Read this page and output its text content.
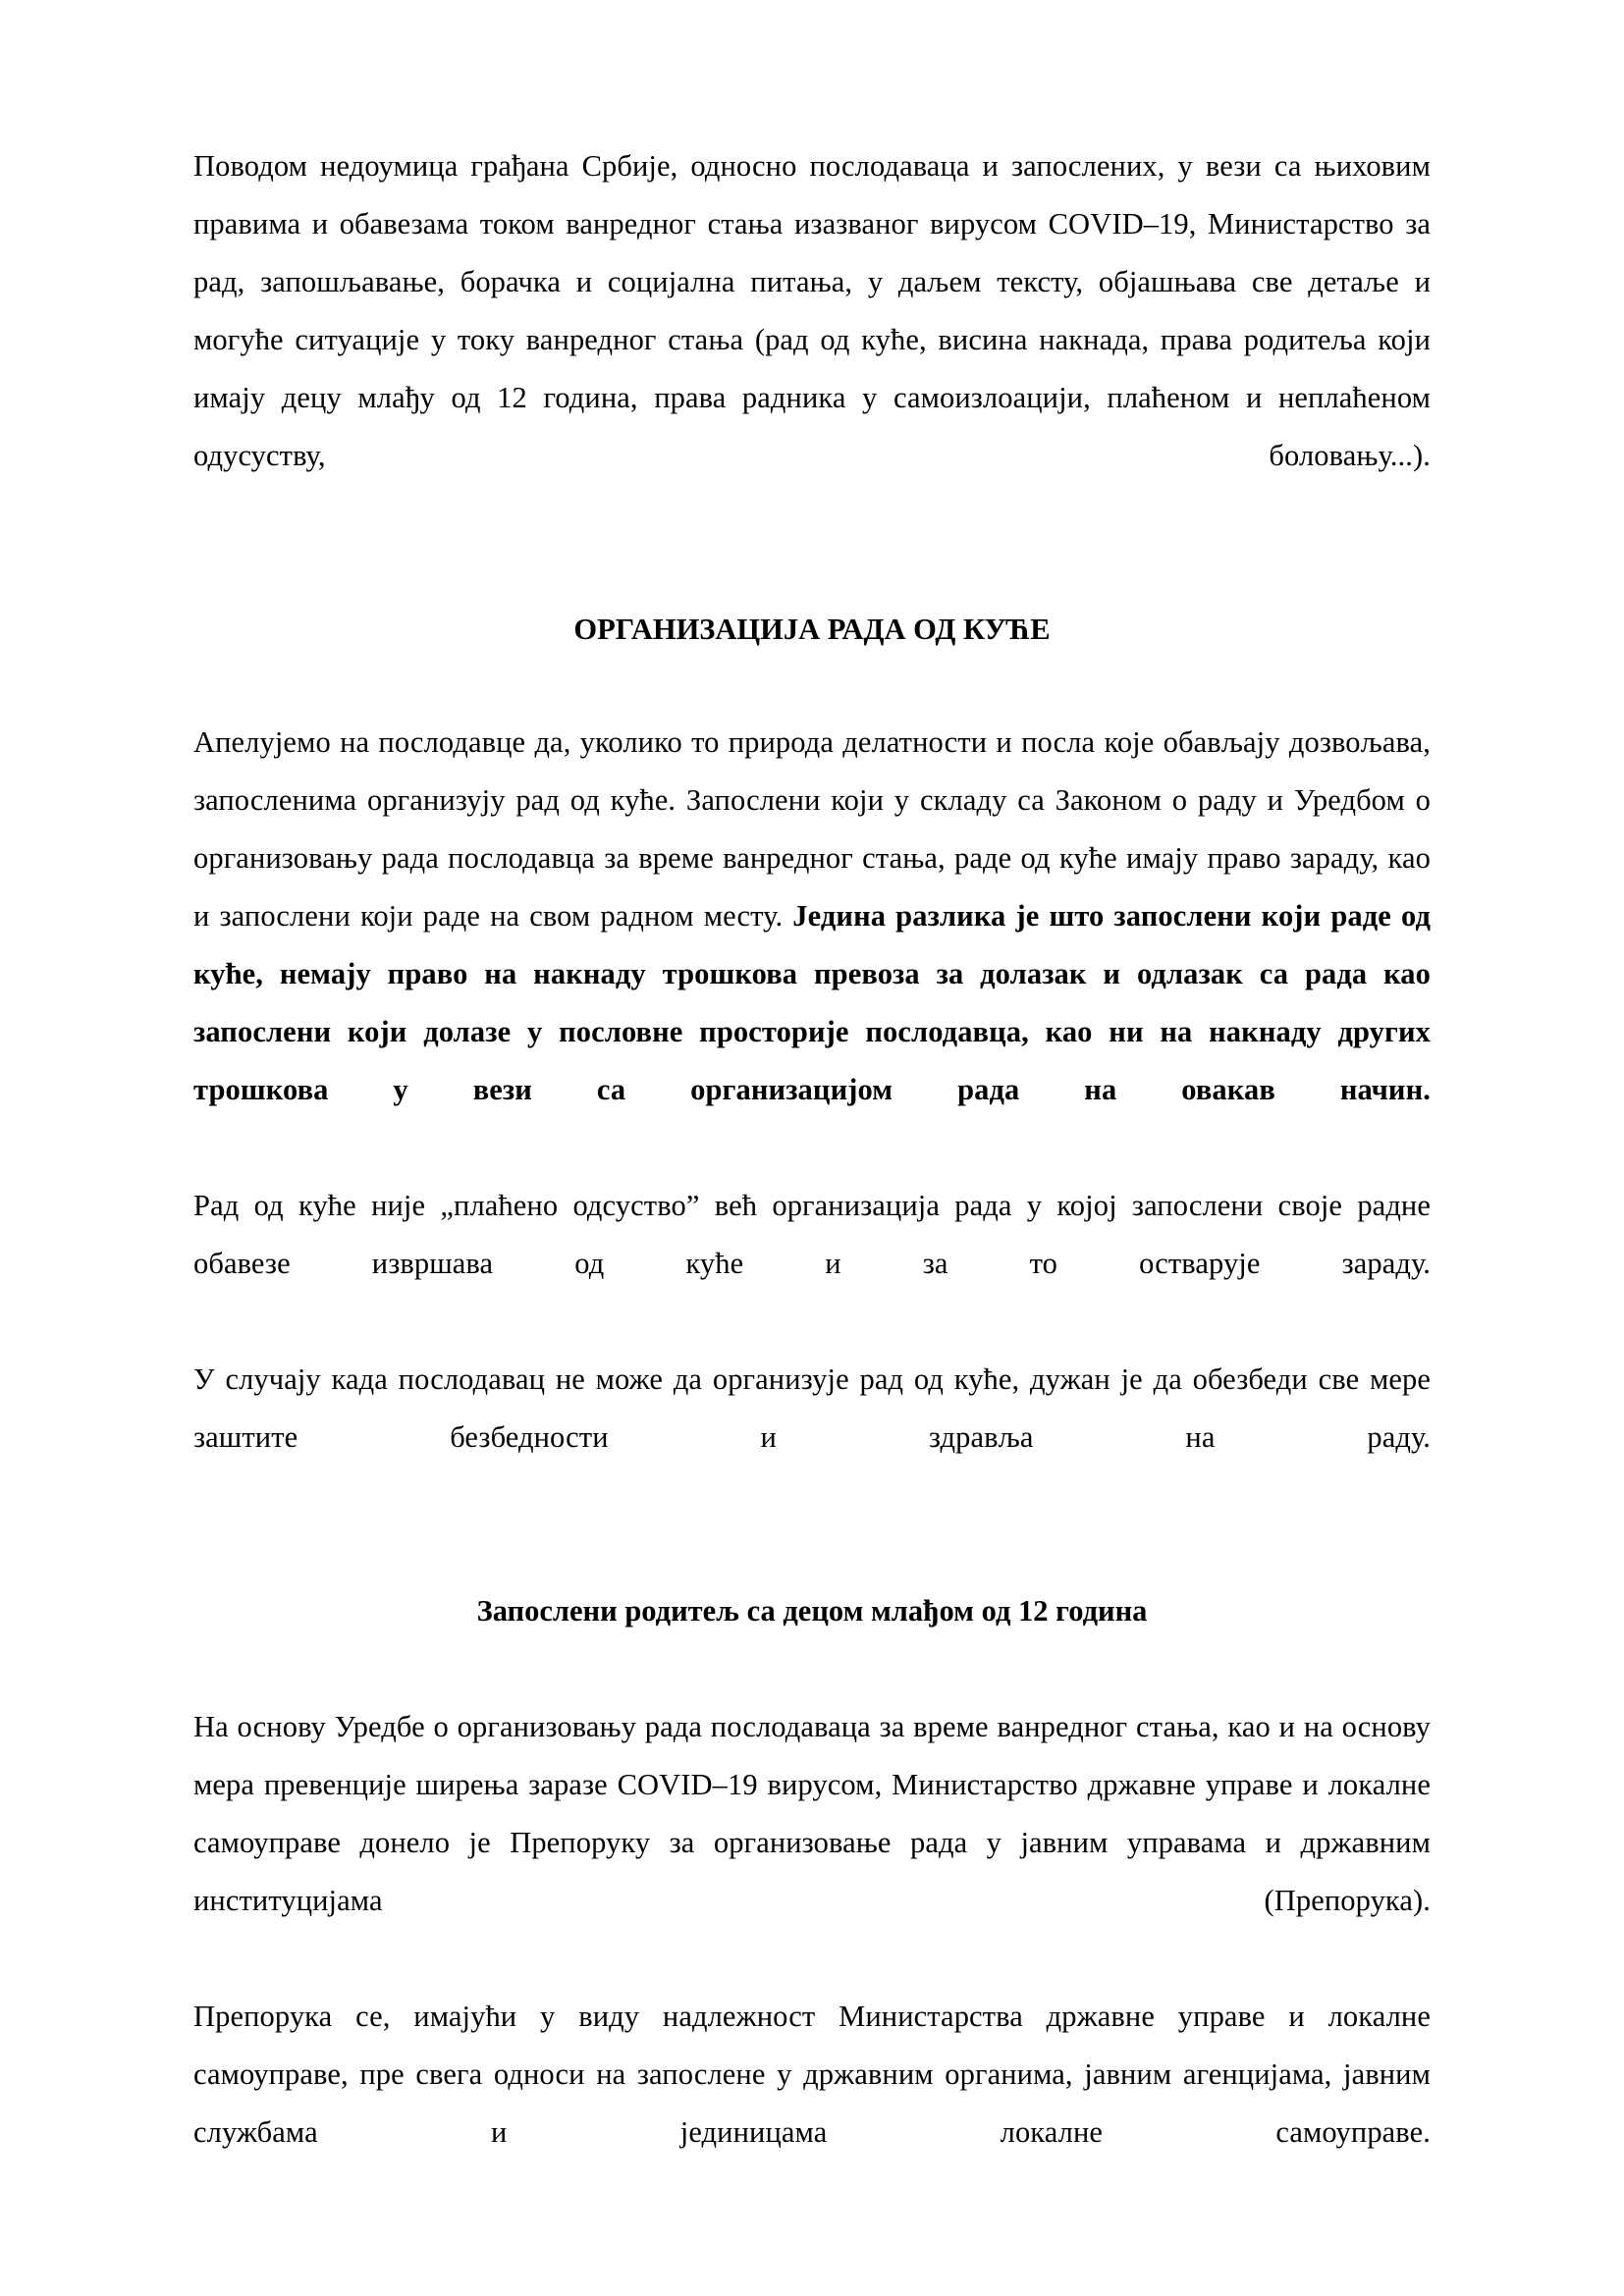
Поводом недоумица грађана Србије, односно послодаваца и запослених, у вези са њиховим правима и обавезама током ванредног стања изазваног вирусом COVID–19, Министарство за рад, запошљавање, борачка и социјална питања, у даљем тексту, објашњава све детаље и могуће ситуације у току ванредног стања (рад од куће, висина накнада, права родитеља који имају децу млађу од 12 година, права радника у самоизлоацији, плаћеном и неплаћеном одусуству, боловању...).

ОРГАНИЗАЦИЈА РАДА ОД КУЋЕ

Апелујемо на послодавце да, уколико то природа делатности и посла које обављају дозвољава, запосленима организују рад од куће. Запослени који у складу са Законом о раду и Уредбом о организовању рада послодавца за време ванредног стања, раде од куће имају право зараду, као и запослени који раде на свом радном месту. Једина разлика је што запослени који раде од куће, немају право на накнаду трошкова превоза за долазак и одлазак са рада као запослени који долазе у пословне просторије послодавца, као ни на накнаду других трошкова у вези са организацијом рада на овакав начин.

Рад од куће није „плаћено одсуство” већ организација рада у којој запослени своје радне обавезе извршава од куће и за то остварује зараду.

У случају када послодавац не може да организује рад од куће, дужан је да обезбеди све мере заштите безбедности и здравља на раду.

Запослени родитељ са децом млађом од 12 година

На основу Уредбе о организовању рада послодаваца за време ванредног стања, као и на основу мера превенције ширења заразе COVID–19 вирусом, Министарство државне управе и локалне самоуправе донело је Препоруку за организовање рада у јавним управама и државним институцијама (Препорука).

Препорука се, имајући у виду надлежност Министарства државне управе и локалне самоуправе, пре свега односи на запослене у државним органима, јавним агенцијама, јавним службама и јединицама локалне самоуправе.
